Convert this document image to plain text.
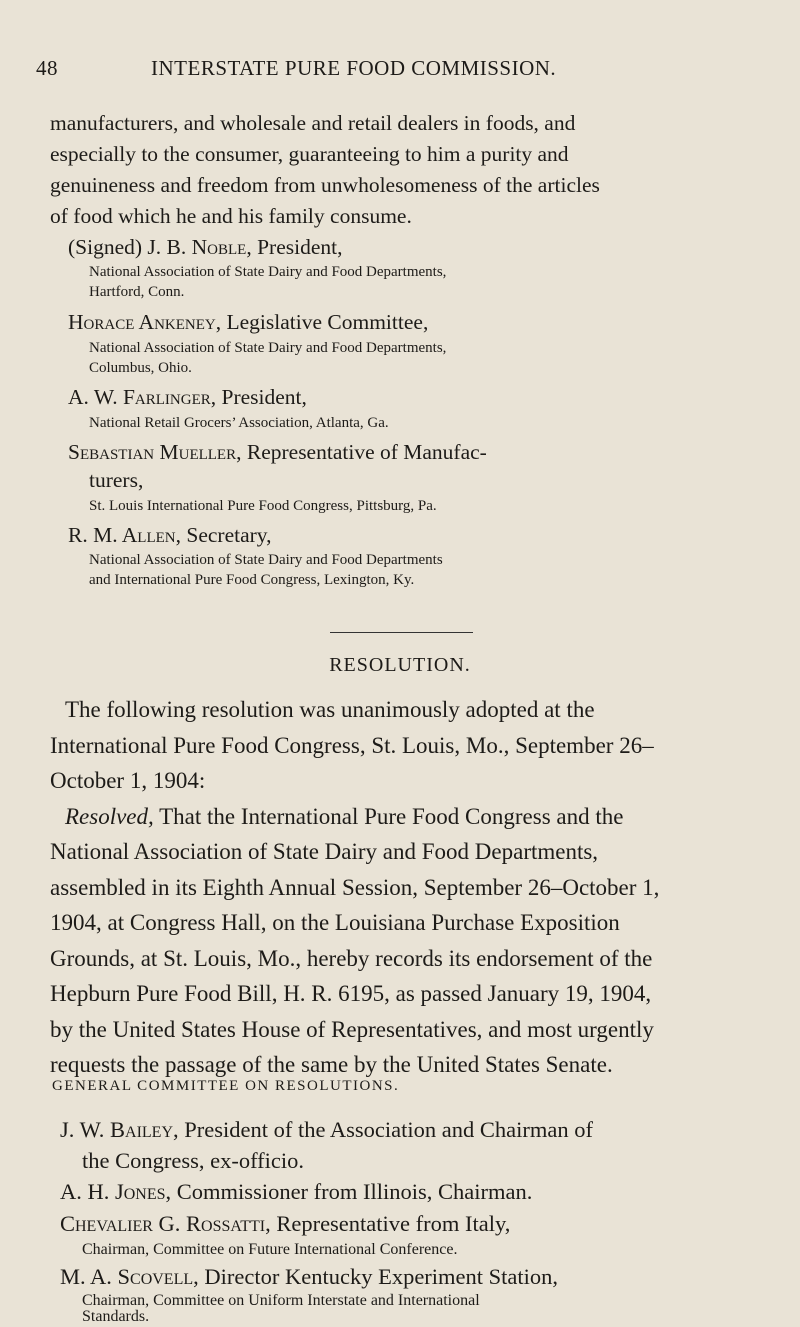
48	INTERSTATE PURE FOOD COMMISSION.
manufacturers, and wholesale and retail dealers in foods, and
especially to the consumer, guaranteeing to him a purity and
genuineness and freedom from unwholesomeness of the articles
of food which he and his family consume.
(Signed) J. B. Noble, President,
National Association of State Dairy and Food Departments,
Hartford, Conn.
Horace Ankeney, Legislative Committee,
National Association of State Dairy and Food Departments,
Columbus, Ohio.
A. W. Farlinger, President,
National Retail Grocers’ Association, Atlanta, Ga.
Sebastian Mueller, Representative of Manufac-
turers,
St. Louis International Pure Food Congress, Pittsburg, Pa.
R. M. Allen, Secretary,
National Association of State Dairy and Food Departments
and International Pure Food Congress, Lexington, Ky.
RESOLUTION.
The following resolution was unanimously adopted at the
International Pure Food Congress, St. Louis, Mo., September 26–
October 1, 1904:
Resolved, That the International Pure Food Congress and the
National Association of State Dairy and Food Departments,
assembled in its Eighth Annual Session, September 26–October 1,
1904, at Congress Hall, on the Louisiana Purchase Exposition
Grounds, at St. Louis, Mo., hereby records its endorsement of the
Hepburn Pure Food Bill, H. R. 6195, as passed January 19, 1904,
by the United States House of Representatives, and most urgently
requests the passage of the same by the United States Senate.
GENERAL COMMITTEE ON RESOLUTIONS.
J. W. Bailey, President of the Association and Chairman of
the Congress, ex-officio.
A. H. Jones, Commissioner from Illinois, Chairman.
Chevalier G. Rossatti, Representative from Italy,
Chairman, Committee on Future International Conference.
M. A. Scovell, Director Kentucky Experiment Station,
Chairman, Committee on Uniform Interstate and International
Standards.
